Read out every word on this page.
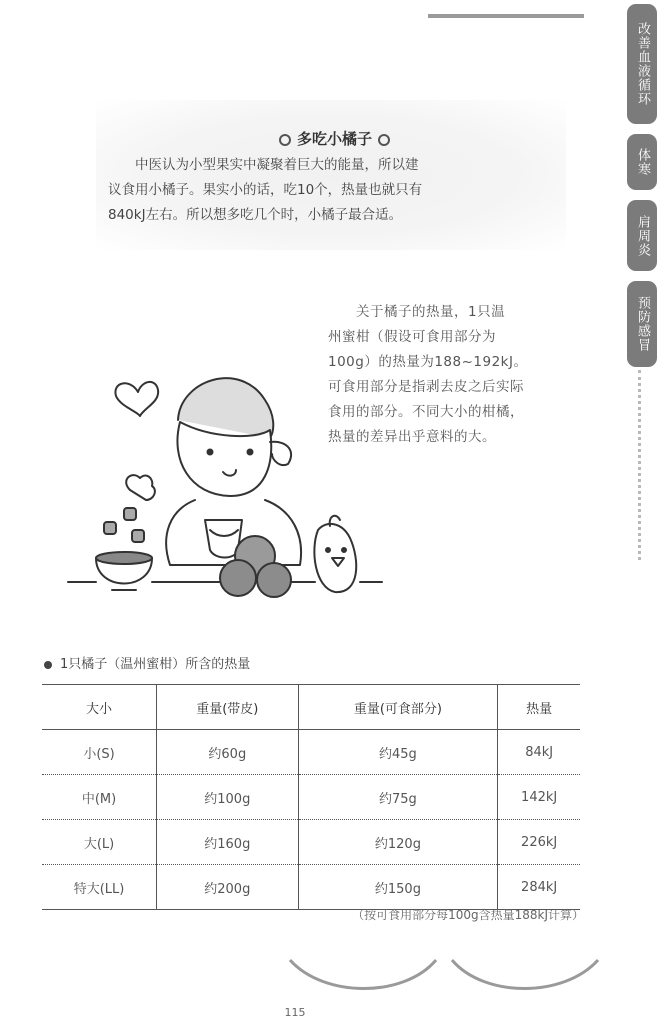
改善血液循环
体寒
肩周炎
预防感冒
多吃小橘子
　　中医认为小型果实中凝聚着巨大的能量，所以建
议食用小橘子。果实小的话，吃10个，热量也就只有
840kJ左右。所以想多吃几个时，小橘子最合适。
　　关于橘子的热量，1只温
州蜜柑（假设可食用部分为
100g）的热量为188~192kJ。
可食用部分是指剥去皮之后实际
食用的部分。不同大小的柑橘，
热量的差异出乎意料的大。
1只橘子（温州蜜柑）所含的热量
大小	重量(带皮)	重量(可食部分)	热量
小(S)	约60g	约45g	84kJ
中(M)	约100g	约75g	142kJ
大(L)	约160g	约120g	226kJ
特大(LL)	约200g	约150g	284kJ
（按可食用部分每100g含热量188kJ计算）
115
